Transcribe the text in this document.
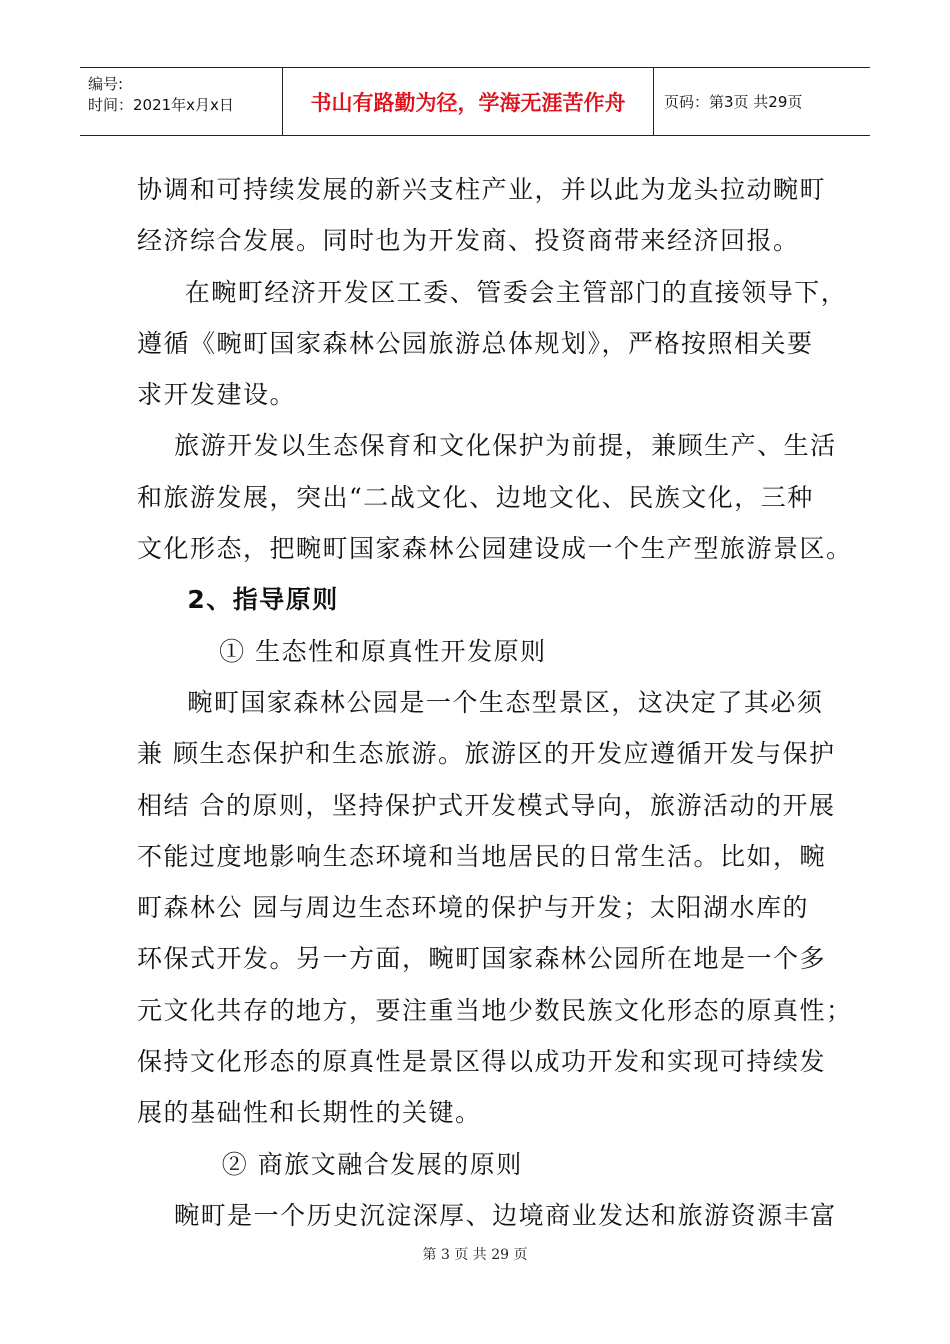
编号:
时间：2021年x月x日	书山有路勤为径，学海无涯苦作舟	页码：第3页 共29页

协调和可持续发展的新兴支柱产业，并以此为龙头拉动畹町

经济综合发展。同时也为开发商、投资商带来经济回报。

在畹町经济开发区工委、管委会主管部门的直接领导下，

遵循《畹町国家森林公园旅游总体规划》，严格按照相关要

求开发建设。

旅游开发以生态保育和文化保护为前提，兼顾生产、生活

和旅游发展，突出“二战文化、边地文化、民族文化，三种

文化形态，把畹町国家森林公园建设成一个生产型旅游景区。

2、指导原则

① 生态性和原真性开发原则

畹町国家森林公园是一个生态型景区，这决定了其必须

兼 顾生态保护和生态旅游。旅游区的开发应遵循开发与保护

相结 合的原则，坚持保护式开发模式导向，旅游活动的开展

不能过度地影响生态环境和当地居民的日常生活。比如，畹

町森林公 园与周边生态环境的保护与开发；太阳湖水库的

环保式开发。另一方面，畹町国家森林公园所在地是一个多

元文化共存的地方，要注重当地少数民族文化形态的原真性；

保持文化形态的原真性是景区得以成功开发和实现可持续发

展的基础性和长期性的关键。

② 商旅文融合发展的原则

畹町是一个历史沉淀深厚、边境商业发达和旅游资源丰富

第 3 页 共 29 页
